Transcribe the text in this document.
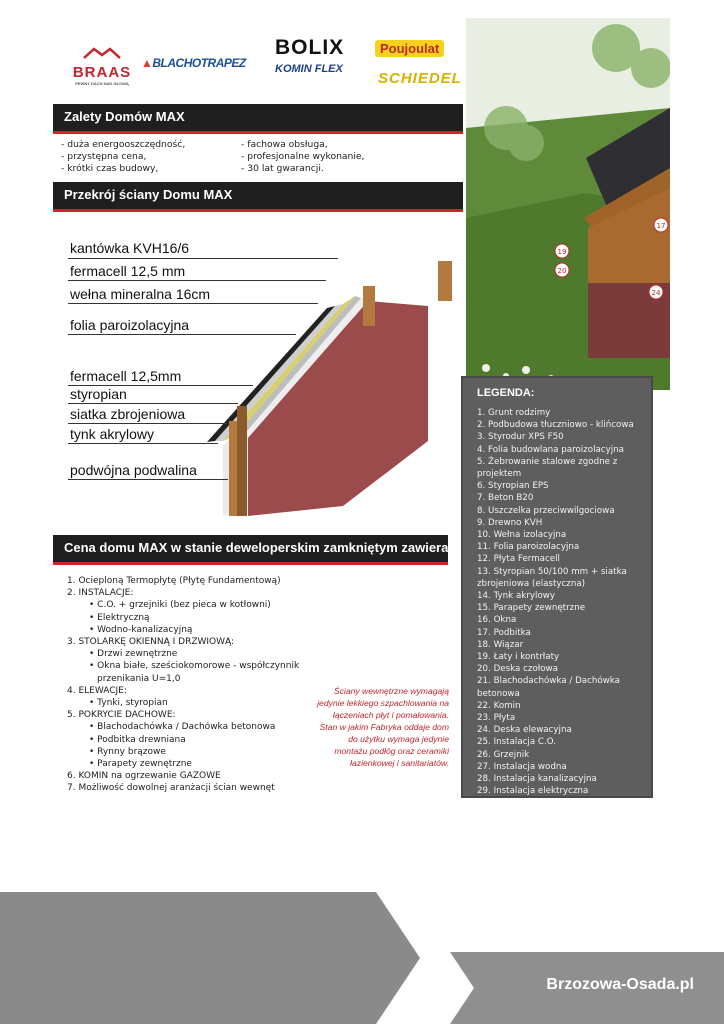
BRAAS
PEWNY DACH NAD GŁOWĄ
▲BLACHOTRAPEZ
BOLIX
KOMIN FLEX
Poujoulat
SCHIEDEL
17
19
20
24
Zalety Domów MAX
- duża energooszczędność,
- przystępna cena,
- krótki czas budowy,
- fachowa obsługa,
- profesjonalne wykonanie,
- 30 lat gwarancji.
Przekrój ściany Domu MAX
kantówka KVH16/6
fermacell 12,5 mm
wełna mineralna 16cm
folia paroizolacyjna
fermacell 12,5mm
styropian
siatka zbrojeniowa
tynk akrylowy
podwójna podwalina
LEGENDA:
1. Grunt rodzimy
2. Podbudowa tłuczniowo - klińcowa
3. Styrodur XPS F50
4. Folia budowlana paroizolacyjna
5. Żebrowanie stalowe zgodne z projektem
6. Styropian EPS
7. Beton B20
8. Uszczelka przeciwwilgociowa
9. Drewno KVH
10. Wełna izolacyjna
11. Folia paroizolacyjna
12. Płyta Fermacell
13. Styropian 50/100 mm + siatka zbrojeniowa (elastyczna)
14. Tynk akrylowy
15. Parapety zewnętrzne
16. Okna
17. Podbitka
18. Wiązar
19. Łaty i kontrłaty
20. Deska czołowa
21. Blachodachówka / Dachówka betonowa
22. Komin
23. Płyta
24. Deska elewacyjna
25. Instalacja C.O.
26. Grzejnik
27. Instalacja wodna
28. Instalacja kanalizacyjna
29. Instalacja elektryczna
Cena domu MAX w stanie deweloperskim zamkniętym zawiera:
1. Ocieploną Termopłytę (Płytę Fundamentową)
2. INSTALACJE:
• C.O. + grzejniki (bez pieca w kotłowni)
• Elektryczną
• Wodno-kanalizacyjną
3. STOLARKĘ OKIENNĄ I DRZWIOWĄ:
• Drzwi zewnętrzne
• Okna białe, sześciokomorowe - współczynnik
przenikania U=1,0
4. ELEWACJE:
• Tynki, styropian
5. POKRYCIE DACHOWE:
• Blachodachówka / Dachówka betonowa
• Podbitka drewniana
• Rynny brązowe
• Parapety zewnętrzne
6. KOMIN na ogrzewanie GAZOWE
7. Możliwość dowolnej aranżacji ścian wewnęt
Ściany wewnętrzne wymagają jedynie lekkiego szpachlowania na łączeniach płyt i pomalowania. Stan w jakim Fabryka oddaje dom do użytku wymaga jedynie montażu podłóg oraz ceramiki łazienkowej i sanitariatów.
Brzozowa-Osada.pl
